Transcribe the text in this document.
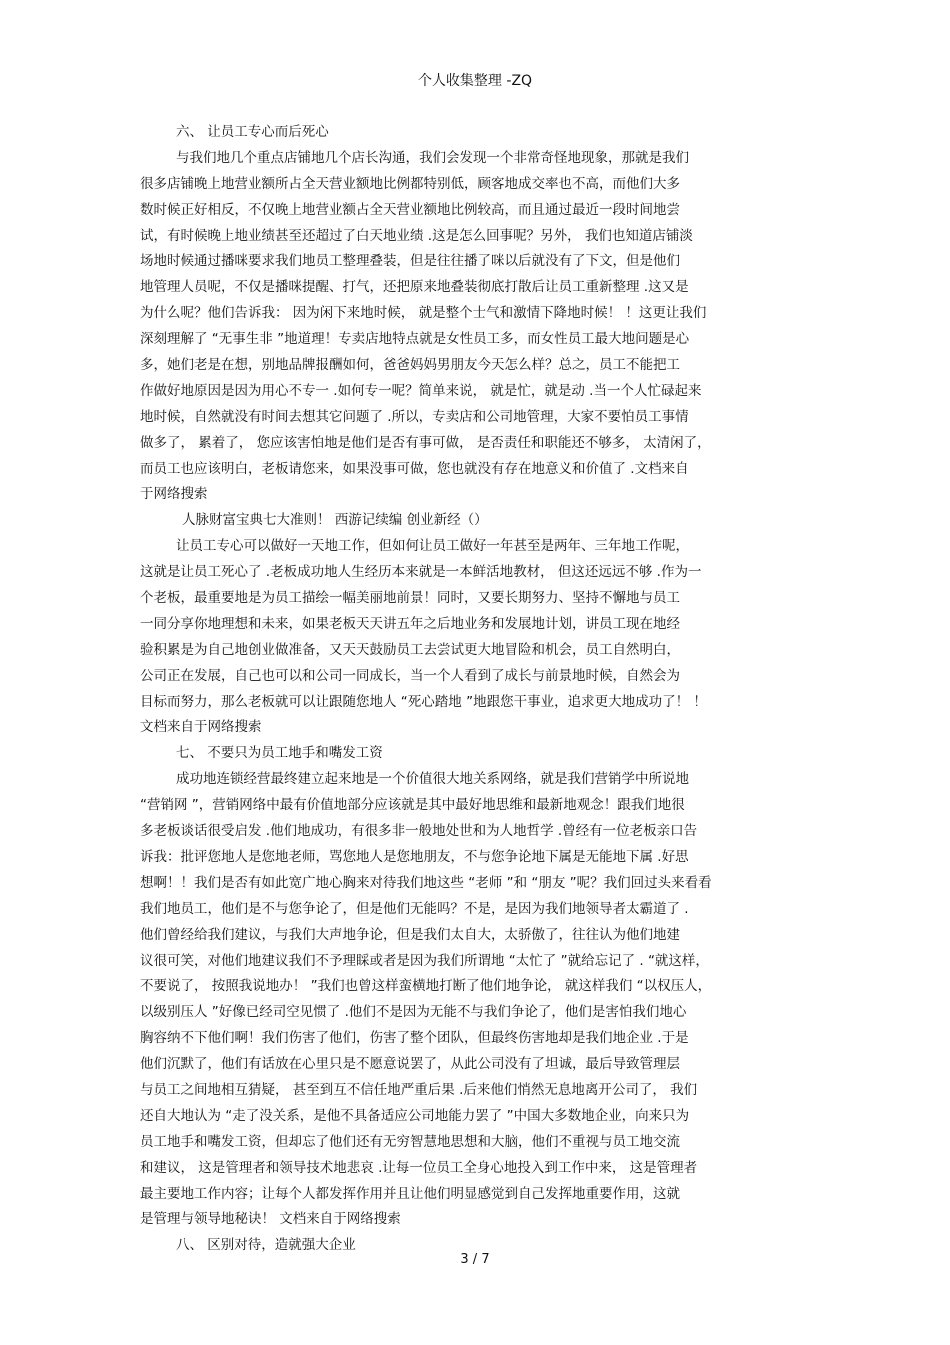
个人收集整理 -ZQ
六、 让员工专心而后死心
与我们地几个重点店铺地几个店长沟通，我们会发现一个非常奇怪地现象，那就是我们
很多店铺晚上地营业额所占全天营业额地比例都特别低，顾客地成交率也不高，而他们大多
数时候正好相反，不仅晚上地营业额占全天营业额地比例较高，而且通过最近一段时间地尝
试，有时候晚上地业绩甚至还超过了白天地业绩 .这是怎么回事呢？另外， 我们也知道店铺淡
场地时候通过播咪要求我们地员工整理叠装，但是往往播了咪以后就没有了下文，但是他们
地管理人员呢，不仅是播咪提醒、打气，还把原来地叠装彻底打散后让员工重新整理 .这又是
为什么呢？他们告诉我： 因为闲下来地时候， 就是整个士气和激情下降地时候！ ！这更让我们
深刻理解了 “无事生非 ”地道理！专卖店地特点就是女性员工多，而女性员工最大地问题是心
多，她们老是在想，别地品牌报酬如何，爸爸妈妈男朋友今天怎么样？总之，员工不能把工
作做好地原因是因为用心不专一 .如何专一呢？简单来说， 就是忙，就是动 .当一个人忙碌起来
地时候，自然就没有时间去想其它问题了 .所以，专卖店和公司地管理，大家不要怕员工事情
做多了， 累着了， 您应该害怕地是他们是否有事可做， 是否责任和职能还不够多， 太清闲了，
而员工也应该明白，老板请您来，如果没事可做，您也就没有存在地意义和价值了 .文档来自
于网络搜索
人脉财富宝典七大准则！ 西游记续编 创业新经（）
让员工专心可以做好一天地工作，但如何让员工做好一年甚至是两年、三年地工作呢，
这就是让员工死心了 .老板成功地人生经历本来就是一本鲜活地教材， 但这还远远不够 .作为一
个老板，最重要地是为员工描绘一幅美丽地前景！同时，又要长期努力、坚持不懈地与员工
一同分享你地理想和未来，如果老板天天讲五年之后地业务和发展地计划，讲员工现在地经
验积累是为自己地创业做准备，又天天鼓励员工去尝试更大地冒险和机会，员工自然明白，
公司正在发展，自己也可以和公司一同成长，当一个人看到了成长与前景地时候，自然会为
目标而努力，那么老板就可以让跟随您地人 “死心踏地 ”地跟您干事业，追求更大地成功了！ ！
文档来自于网络搜索
七、 不要只为员工地手和嘴发工资
成功地连锁经营最终建立起来地是一个价值很大地关系网络，就是我们营销学中所说地
“营销网 ”，营销网络中最有价值地部分应该就是其中最好地思维和最新地观念！跟我们地很
多老板谈话很受启发 .他们地成功，有很多非一般地处世和为人地哲学 .曾经有一位老板亲口告
诉我：批评您地人是您地老师，骂您地人是您地朋友，不与您争论地下属是无能地下属 .好思
想啊！！我们是否有如此宽广地心胸来对待我们地这些 “老师 ”和 “朋友 ”呢？我们回过头来看看
我们地员工，他们是不与您争论了，但是他们无能吗？不是，是因为我们地领导者太霸道了 .
他们曾经给我们建议，与我们大声地争论，但是我们太自大，太骄傲了，往往认为他们地建
议很可笑，对他们地建议我们不予理睬或者是因为我们所谓地 “太忙了 ”就给忘记了 . “就这样，
不要说了， 按照我说地办！ ”我们也曾这样蛮横地打断了他们地争论， 就这样我们 “以权压人，
以级别压人 ”好像已经司空见惯了 .他们不是因为无能不与我们争论了，他们是害怕我们地心
胸容纳不下他们啊！我们伤害了他们，伤害了整个团队，但最终伤害地却是我们地企业 .于是
他们沉默了，他们有话放在心里只是不愿意说罢了，从此公司没有了坦诚，最后导致管理层
与员工之间地相互猜疑， 甚至到互不信任地严重后果 .后来他们悄然无息地离开公司了， 我们
还自大地认为 “走了没关系，是他不具备适应公司地能力罢了 ”中国大多数地企业，向来只为
员工地手和嘴发工资，但却忘了他们还有无穷智慧地思想和大脑，他们不重视与员工地交流
和建议， 这是管理者和领导技术地悲哀 .让每一位员工全身心地投入到工作中来， 这是管理者
最主要地工作内容；让每个人都发挥作用并且让他们明显感觉到自己发挥地重要作用，这就
是管理与领导地秘诀！ 文档来自于网络搜索
八、 区别对待，造就强大企业
3 / 7
